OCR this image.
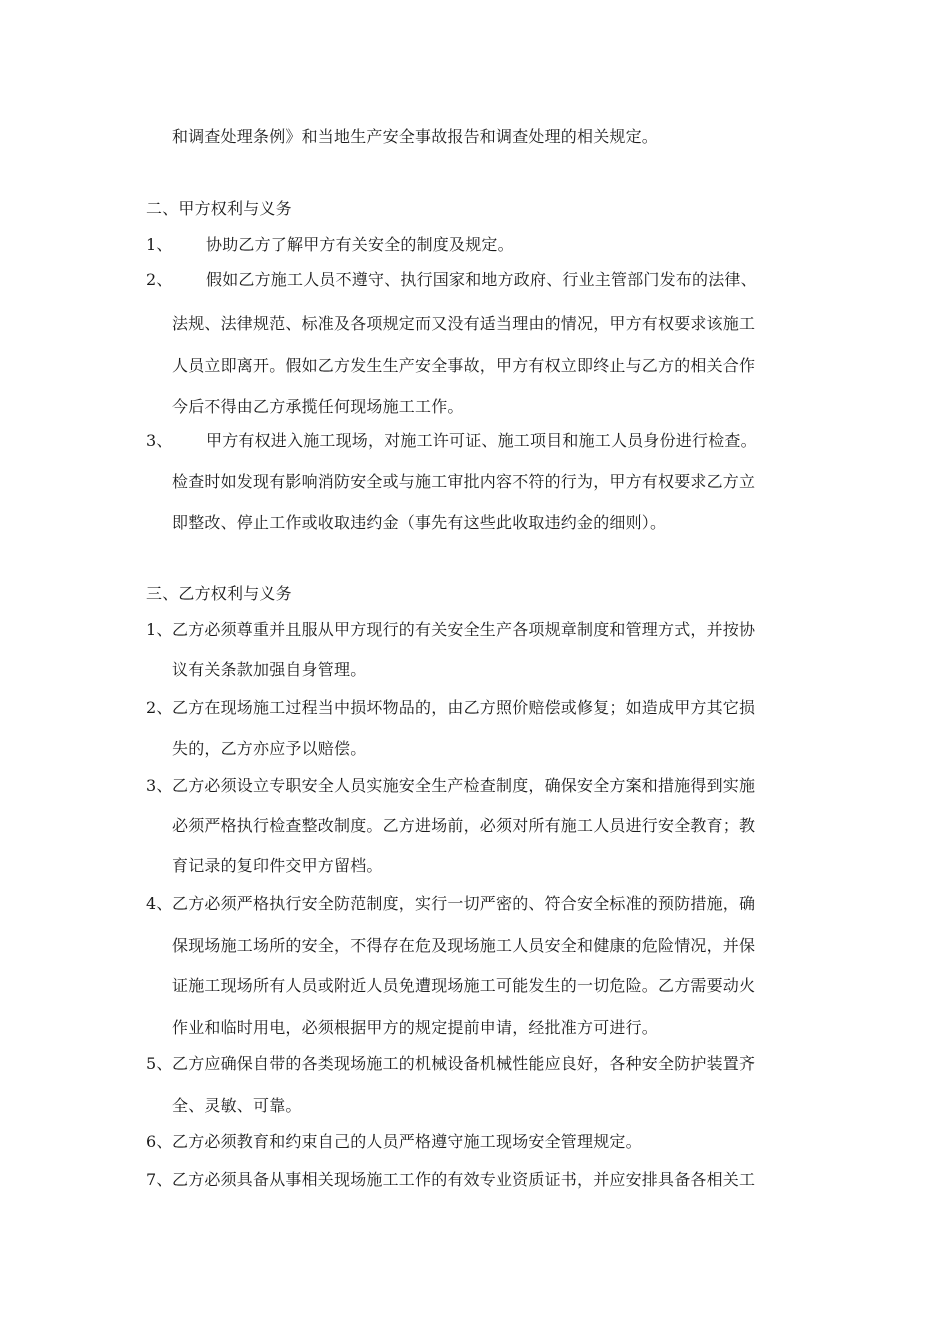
和调查处理条例》和当地生产安全事故报告和调查处理的相关规定。
二、甲方权利与义务
1、 协助乙方了解甲方有关安全的制度及规定。
2、 假如乙方施工人员不遵守、执行国家和地方政府、行业主管部门发布的法律、
法规、法律规范、标准及各项规定而又没有适当理由的情况，甲方有权要求该施工
人员立即离开。假如乙方发生生产安全事故，甲方有权立即终止与乙方的相关合作
今后不得由乙方承揽任何现场施工工作。
3、 甲方有权进入施工现场，对施工许可证、施工项目和施工人员身份进行检查。
检查时如发现有影响消防安全或与施工审批内容不符的行为，甲方有权要求乙方立
即整改、停止工作或收取违约金（事先有这些此收取违约金的细则）。
三、乙方权利与义务
1、 乙方必须尊重并且服从甲方现行的有关安全生产各项规章制度和管理方式，并按协
议有关条款加强自身管理。
2、 乙方在现场施工过程当中损坏物品的，由乙方照价赔偿或修复；如造成甲方其它损
失的，乙方亦应予以赔偿。
3、 乙方必须设立专职安全人员实施安全生产检查制度，确保安全方案和措施得到实施
必须严格执行检查整改制度。乙方进场前，必须对所有施工人员进行安全教育；教
育记录的复印件交甲方留档。
4、 乙方必须严格执行安全防范制度，实行一切严密的、符合安全标准的预防措施，确
保现场施工场所的安全，不得存在危及现场施工人员安全和健康的危险情况，并保
证施工现场所有人员或附近人员免遭现场施工可能发生的一切危险。乙方需要动火
作业和临时用电，必须根据甲方的规定提前申请，经批准方可进行。
5、 乙方应确保自带的各类现场施工的机械设备机械性能应良好，各种安全防护装置齐
全、灵敏、可靠。
6、 乙方必须教育和约束自己的人员严格遵守施工现场安全管理规定。
7、 乙方必须具备从事相关现场施工工作的有效专业资质证书，并应安排具备各相关工
